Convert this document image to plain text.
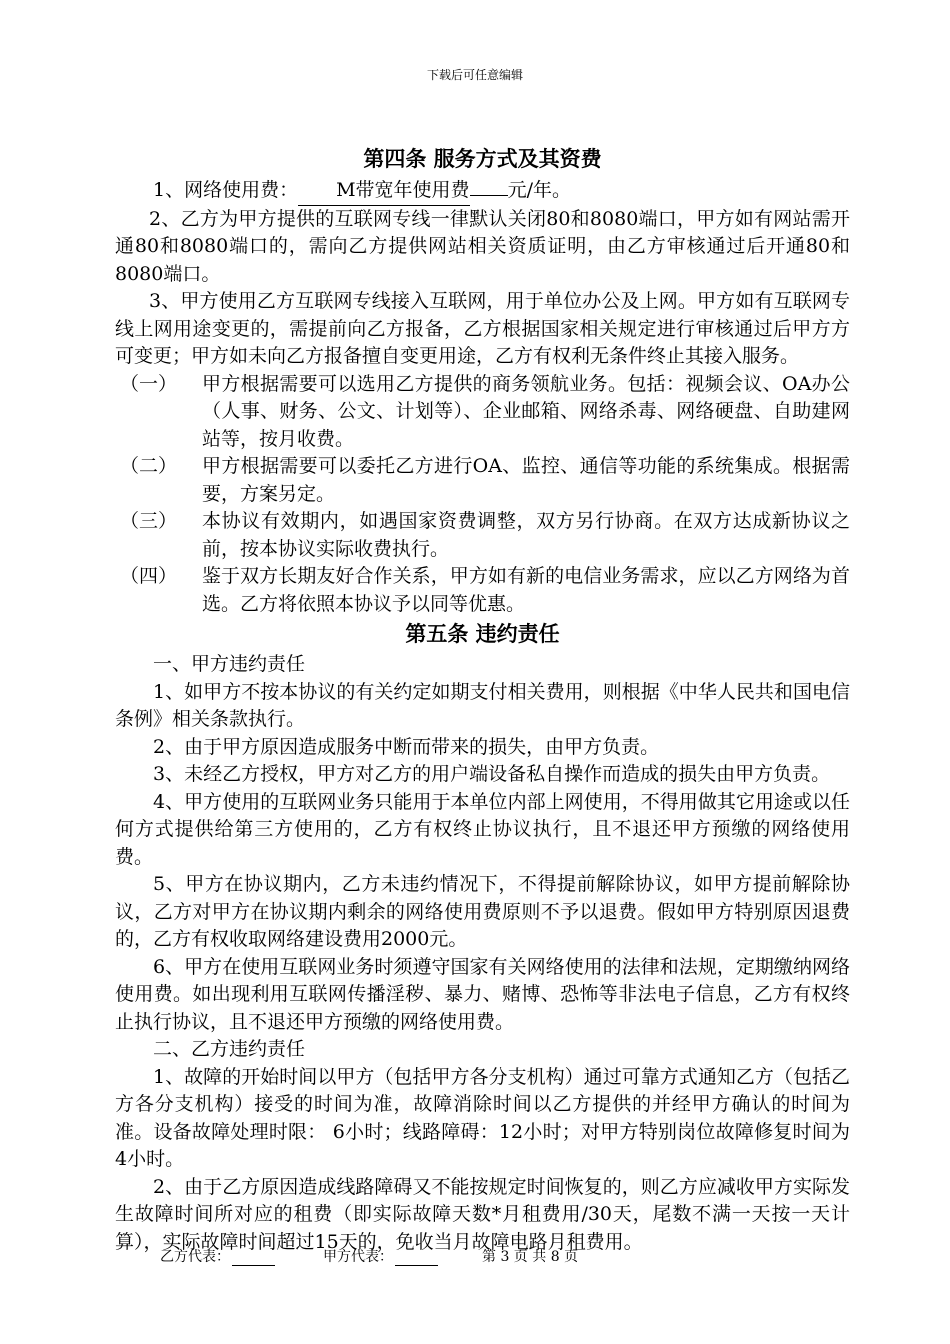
下载后可任意编辑
第四条 服务方式及其资费
1、网络使用费： M带宽年使用费 元/年。
2、乙方为甲方提供的互联网专线一律默认关闭80和8080端口，甲方如有网站需开通80和8080端口的，需向乙方提供网站相关资质证明，由乙方审核通过后开通80和8080端口。
3、甲方使用乙方互联网专线接入互联网，用于单位办公及上网。甲方如有互联网专线上网用途变更的，需提前向乙方报备，乙方根据国家相关规定进行审核通过后甲方方可变更；甲方如未向乙方报备擅自变更用途，乙方有权利无条件终止其接入服务。
（一）	甲方根据需要可以选用乙方提供的商务领航业务。包括：视频会议、OA办公（人事、财务、公文、计划等）、企业邮箱、网络杀毒、网络硬盘、自助建网站等，按月收费。
（二）	甲方根据需要可以委托乙方进行OA、监控、通信等功能的系统集成。根据需要，方案另定。
（三）	本协议有效期内，如遇国家资费调整，双方另行协商。在双方达成新协议之前，按本协议实际收费执行。
（四）	鉴于双方长期友好合作关系，甲方如有新的电信业务需求，应以乙方网络为首选。乙方将依照本协议予以同等优惠。
第五条 违约责任
一、甲方违约责任
1、如甲方不按本协议的有关约定如期支付相关费用，则根据《中华人民共和国电信条例》相关条款执行。
2、由于甲方原因造成服务中断而带来的损失，由甲方负责。
3、未经乙方授权，甲方对乙方的用户端设备私自操作而造成的损失由甲方负责。
4、甲方使用的互联网业务只能用于本单位内部上网使用，不得用做其它用途或以任何方式提供给第三方使用的，乙方有权终止协议执行，且不退还甲方预缴的网络使用费。
5、甲方在协议期内，乙方未违约情况下，不得提前解除协议，如甲方提前解除协议，乙方对甲方在协议期内剩余的网络使用费原则不予以退费。假如甲方特别原因退费的，乙方有权收取网络建设费用2000元。
6、甲方在使用互联网业务时须遵守国家有关网络使用的法律和法规，定期缴纳网络使用费。如出现利用互联网传播淫秽、暴力、赌博、恐怖等非法电子信息，乙方有权终止执行协议，且不退还甲方预缴的网络使用费。
二、乙方违约责任
1、故障的开始时间以甲方（包括甲方各分支机构）通过可靠方式通知乙方（包括乙方各分支机构）接受的时间为准，故障消除时间以乙方提供的并经甲方确认的时间为准。设备故障处理时限： 6小时；线路障碍：12小时；对甲方特别岗位故障修复时间为4小时。
2、由于乙方原因造成线路障碍又不能按规定时间恢复的，则乙方应减收甲方实际发生故障时间所对应的租费（即实际故障天数*月租费用/30天，尾数不满一天按一天计算），实际故障时间超过15天的，免收当月故障电路月租费用。
乙方代表：	甲方代表：	第 3 页 共 8 页
